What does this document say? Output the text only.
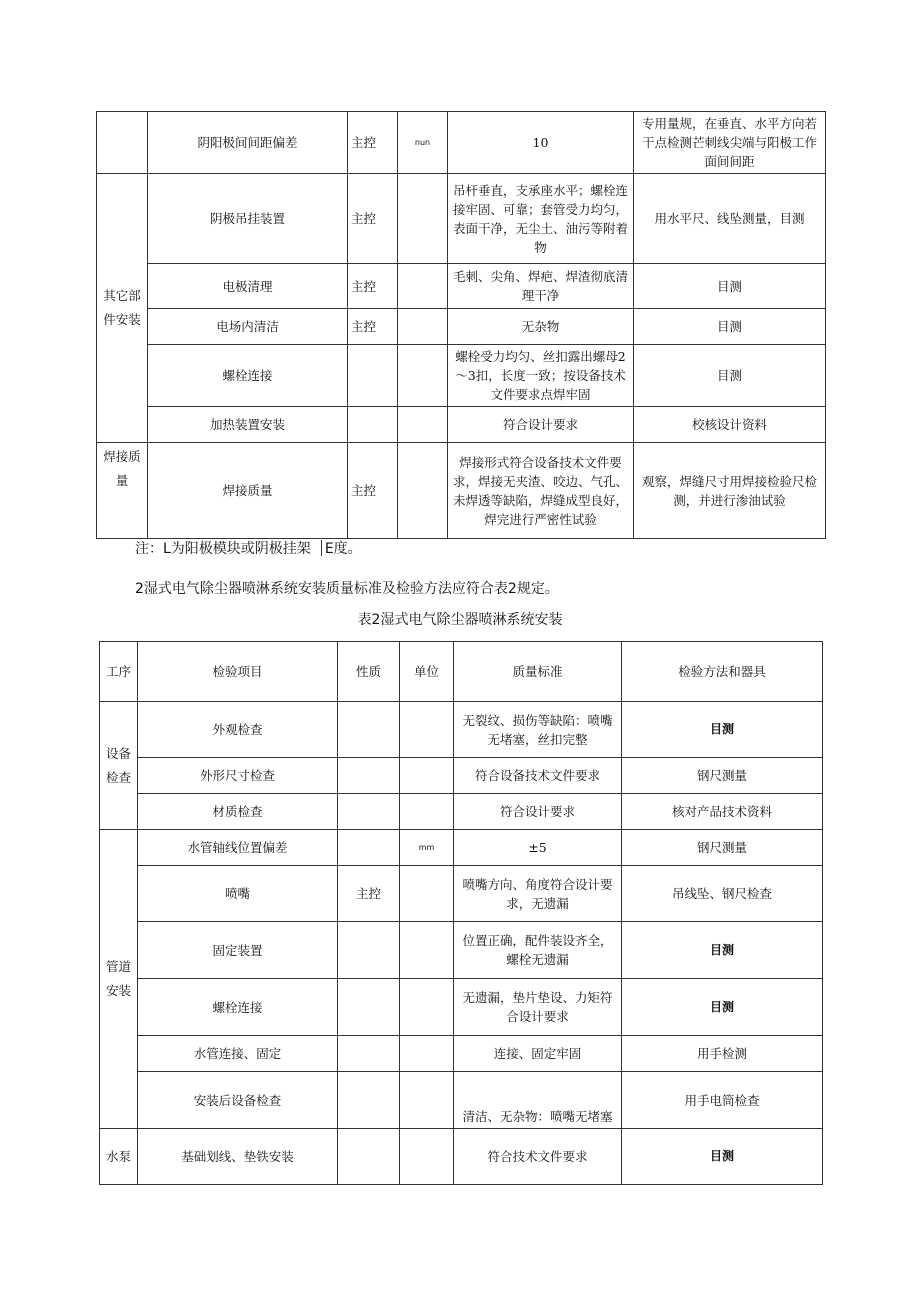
	阴阳极间间距偏差	主控	nun	10	专用量规，在垂直、水平方向若干点检测芒刺线尖端与阳极工作面间间距
其它部件安装	阴极吊挂装置	主控		吊杆垂直，支承座水平；螺栓连接牢固、可靠；套管受力均匀，表面干净，无尘土、油污等附着物	用水平尺、线坠测量，目测
	电极清理	主控		毛刺、尖角、焊疤、焊渣彻底清理干净	目测
	电场内清洁	主控		无杂物	目测
	螺栓连接			螺栓受力均匀、丝扣露出螺母2～3扣，长度一致；按设备技术文件要求点焊牢固	目测
	加热装置安装			符合设计要求	校核设计资料
焊接质量	焊接质量	主控		焊接形式符合设备技术文件要求，焊接无夹渣、咬边、气孔、未焊透等缺陷，焊缝成型良好，焊完进行严密性试验	观察，焊缝尺寸用焊接检验尺检测，并进行渗油试验
注：L为阳极模块或阴极挂架 E度。
2湿式电气除尘器喷淋系统安装质量标准及检验方法应符合表2规定。
表2湿式电气除尘器喷淋系统安装
工序	检验项目	性质	单位	质量标准	检验方法和器具
设备检查	外观检查			无裂纹、损伤等缺陷：喷嘴无堵塞，丝扣完整	目测
	外形尺寸检查			符合设备技术文件要求	钢尺测量
	材质检查			符合设计要求	核对产品技术资料
管道安装	水管轴线位置偏差		mm	±5	钢尺测量
	喷嘴	主控		喷嘴方向、角度符合设计要求，无遗漏	吊线坠、钢尺检查
	固定装置			位置正确，配件装设齐全，螺栓无遗漏	目测
	螺栓连接			无遗漏，垫片垫设、力矩符合设计要求	目测
	水管连接、固定			连接、固定牢固	用手检测
	安装后设备检查			清洁、无杂物：喷嘴无堵塞	用手电筒检查
水泵	基础划线、垫铁安装			符合技术文件要求	目测
